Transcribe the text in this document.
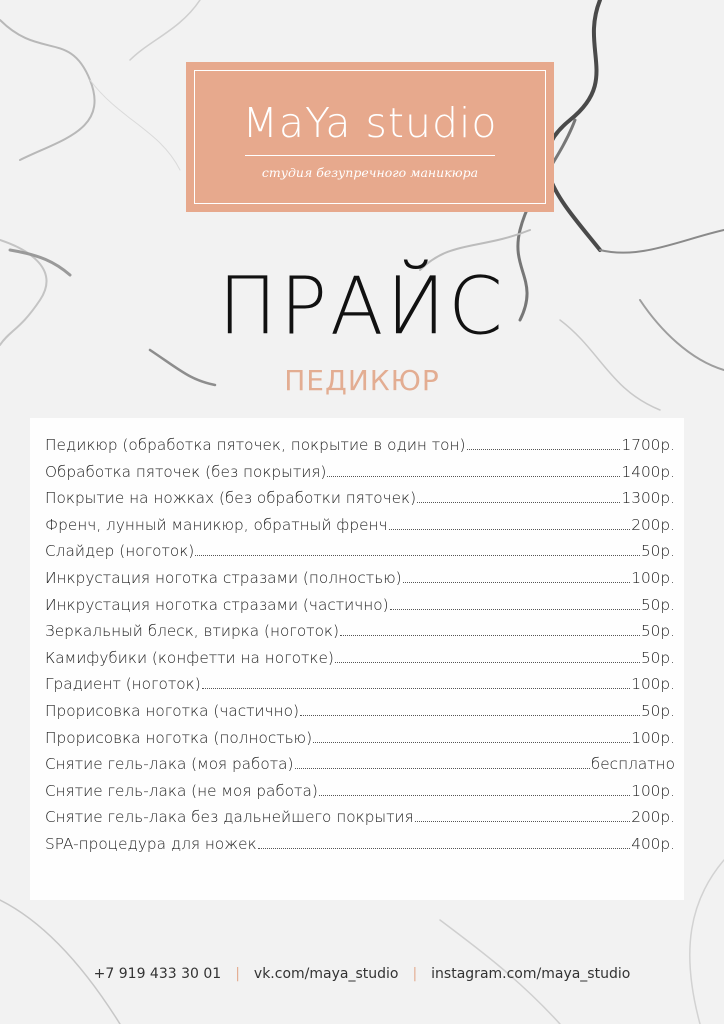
MaYa studio
студия безупречного маникюра
ПРАЙС
ПЕДИКЮР
Педикюр (обработка пяточек, покрытие в один тон)	1700р.
Обработка пяточек (без покрытия)	1400р.
Покрытие на ножках (без обработки пяточек)	1300р.
Френч, лунный маникюр, обратный френч	200р.
Слайдер (ноготок)	50р.
Инкрустация ноготка стразами (полностью)	100р.
Инкрустация ноготка стразами (частично)	50р.
Зеркальный блеск, втирка (ноготок)	50р.
Камифубики (конфетти на ноготке)	50р.
Градиент (ноготок)	100р.
Прорисовка ноготка (частично)	50р.
Прорисовка ноготка (полностью)	100р.
Снятие гель-лака (моя работа)	бесплатно
Снятие гель-лака (не моя работа)	100р.
Снятие гель-лака без дальнейшего покрытия	200р.
SPA-процедура для ножек	400р.
+7 919 433 30 01 | vk.com/maya_studio | instagram.com/maya_studio
